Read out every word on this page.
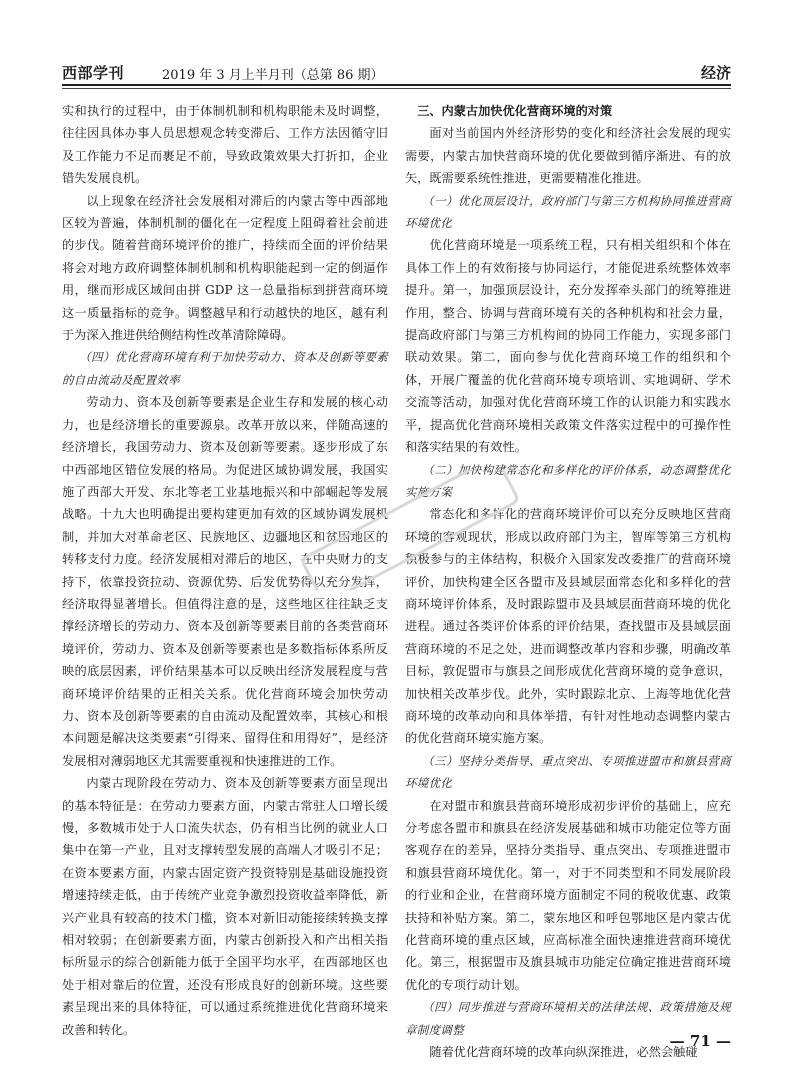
西部学刊	2019 年 3 月上半月刊（总第 86 期）	经济

实和执行的过程中，由于体制机制和机构职能未及时调整，往往因具体办事人员思想观念转变滞后、工作方法因循守旧及工作能力不足而裹足不前，导致政策效果大打折扣，企业错失发展良机。

以上现象在经济社会发展相对滞后的内蒙古等中西部地区较为普遍，体制机制的僵化在一定程度上阻碍着社会前进的步伐。随着营商环境评价的推广，持续而全面的评价结果将会对地方政府调整体制机制和机构职能起到一定的倒逼作用，继而形成区域间由拼 GDP 这一总量指标到拼营商环境这一质量指标的竞争。调整越早和行动越快的地区，越有利于为深入推进供给侧结构性改革清除障碍。

（四）优化营商环境有利于加快劳动力、资本及创新等要素的自由流动及配置效率

劳动力、资本及创新等要素是企业生存和发展的核心动力，也是经济增长的重要源泉。改革开放以来，伴随高速的经济增长，我国劳动力、资本及创新等要素。逐步形成了东中西部地区错位发展的格局。为促进区域协调发展，我国实施了西部大开发、东北等老工业基地振兴和中部崛起等发展战略。十九大也明确提出要构建更加有效的区域协调发展机制，并加大对革命老区、民族地区、边疆地区和贫困地区的转移支付力度。经济发展相对滞后的地区，在中央财力的支持下，依靠投资拉动、资源优势、后发优势得以充分发挥，经济取得显著增长。但值得注意的是，这些地区往往缺乏支撑经济增长的劳动力、资本及创新等要素目前的各类营商环境评价，劳动力、资本及创新等要素也是多数指标体系所反映的底层因素，评价结果基本可以反映出经济发展程度与营商环境评价结果的正相关关系。优化营商环境会加快劳动力、资本及创新等要素的自由流动及配置效率，其核心和根本问题是解决这类要素“引得来、留得住和用得好”，是经济发展相对薄弱地区尤其需要重视和快速推进的工作。

内蒙古现阶段在劳动力、资本及创新等要素方面呈现出的基本特征是：在劳动力要素方面，内蒙古常驻人口增长缓慢，多数城市处于人口流失状态，仍有相当比例的就业人口集中在第一产业，且对支撑转型发展的高端人才吸引不足；在资本要素方面，内蒙古固定资产投资特别是基础设施投资增速持续走低，由于传统产业竞争激烈投资收益率降低，新兴产业具有较高的技术门槛，资本对新旧动能接续转换支撑相对较弱；在创新要素方面，内蒙古创新投入和产出相关指标所显示的综合创新能力低于全国平均水平，在西部地区也处于相对靠后的位置，还没有形成良好的创新环境。这些要素呈现出来的具体特征，可以通过系统推进优化营商环境来改善和转化。

三、内蒙古加快优化营商环境的对策

面对当前国内外经济形势的变化和经济社会发展的现实需要，内蒙古加快营商环境的优化要做到循序渐进、有的放矢，既需要系统性推进，更需要精准化推进。

（一）优化顶层设计，政府部门与第三方机构协同推进营商环境优化

优化营商环境是一项系统工程，只有相关组织和个体在具体工作上的有效衔接与协同运行，才能促进系统整体效率提升。第一，加强顶层设计，充分发挥牵头部门的统筹推进作用，整合、协调与营商环境有关的各种机构和社会力量，提高政府部门与第三方机构间的协同工作能力，实现多部门联动效果。第二，面向参与优化营商环境工作的组织和个体，开展广覆盖的优化营商环境专项培训、实地调研、学术交流等活动，加强对优化营商环境工作的认识能力和实践水平，提高优化营商环境相关政策文件落实过程中的可操作性和落实结果的有效性。

（二）加快构建常态化和多样化的评价体系，动态调整优化实施方案

常态化和多样化的营商环境评价可以充分反映地区营商环境的客观现状，形成以政府部门为主，智库等第三方机构积极参与的主体结构，积极介入国家发改委推广的营商环境评价，加快构建全区各盟市及县域层面常态化和多样化的营商环境评价体系，及时跟踪盟市及县域层面营商环境的优化进程。通过各类评价体系的评价结果，查找盟市及县域层面营商环境的不足之处，进而调整改革内容和步骤，明确改革目标，敦促盟市与旗县之间形成优化营商环境的竞争意识，加快相关改革步伐。此外，实时跟踪北京、上海等地优化营商环境的改革动向和具体举措，有针对性地动态调整内蒙古的优化营商环境实施方案。

（三）坚持分类指导、重点突出、专项推进盟市和旗县营商环境优化

在对盟市和旗县营商环境形成初步评价的基础上，应充分考虑各盟市和旗县在经济发展基础和城市功能定位等方面客观存在的差异，坚持分类指导、重点突出、专项推进盟市和旗县营商环境优化。第一，对于不同类型和不同发展阶段的行业和企业，在营商环境方面制定不同的税收优惠、政策扶持和补贴方案。第二，蒙东地区和呼包鄂地区是内蒙古优化营商环境的重点区域，应高标准全面快速推进营商环境优化。第三，根据盟市及旗县城市功能定位确定推进营商环境优化的专项行动计划。

（四）同步推进与营商环境相关的法律法规、政策措施及规章制度调整

随着优化营商环境的改革向纵深推进，必然会触碰

— 71 —
